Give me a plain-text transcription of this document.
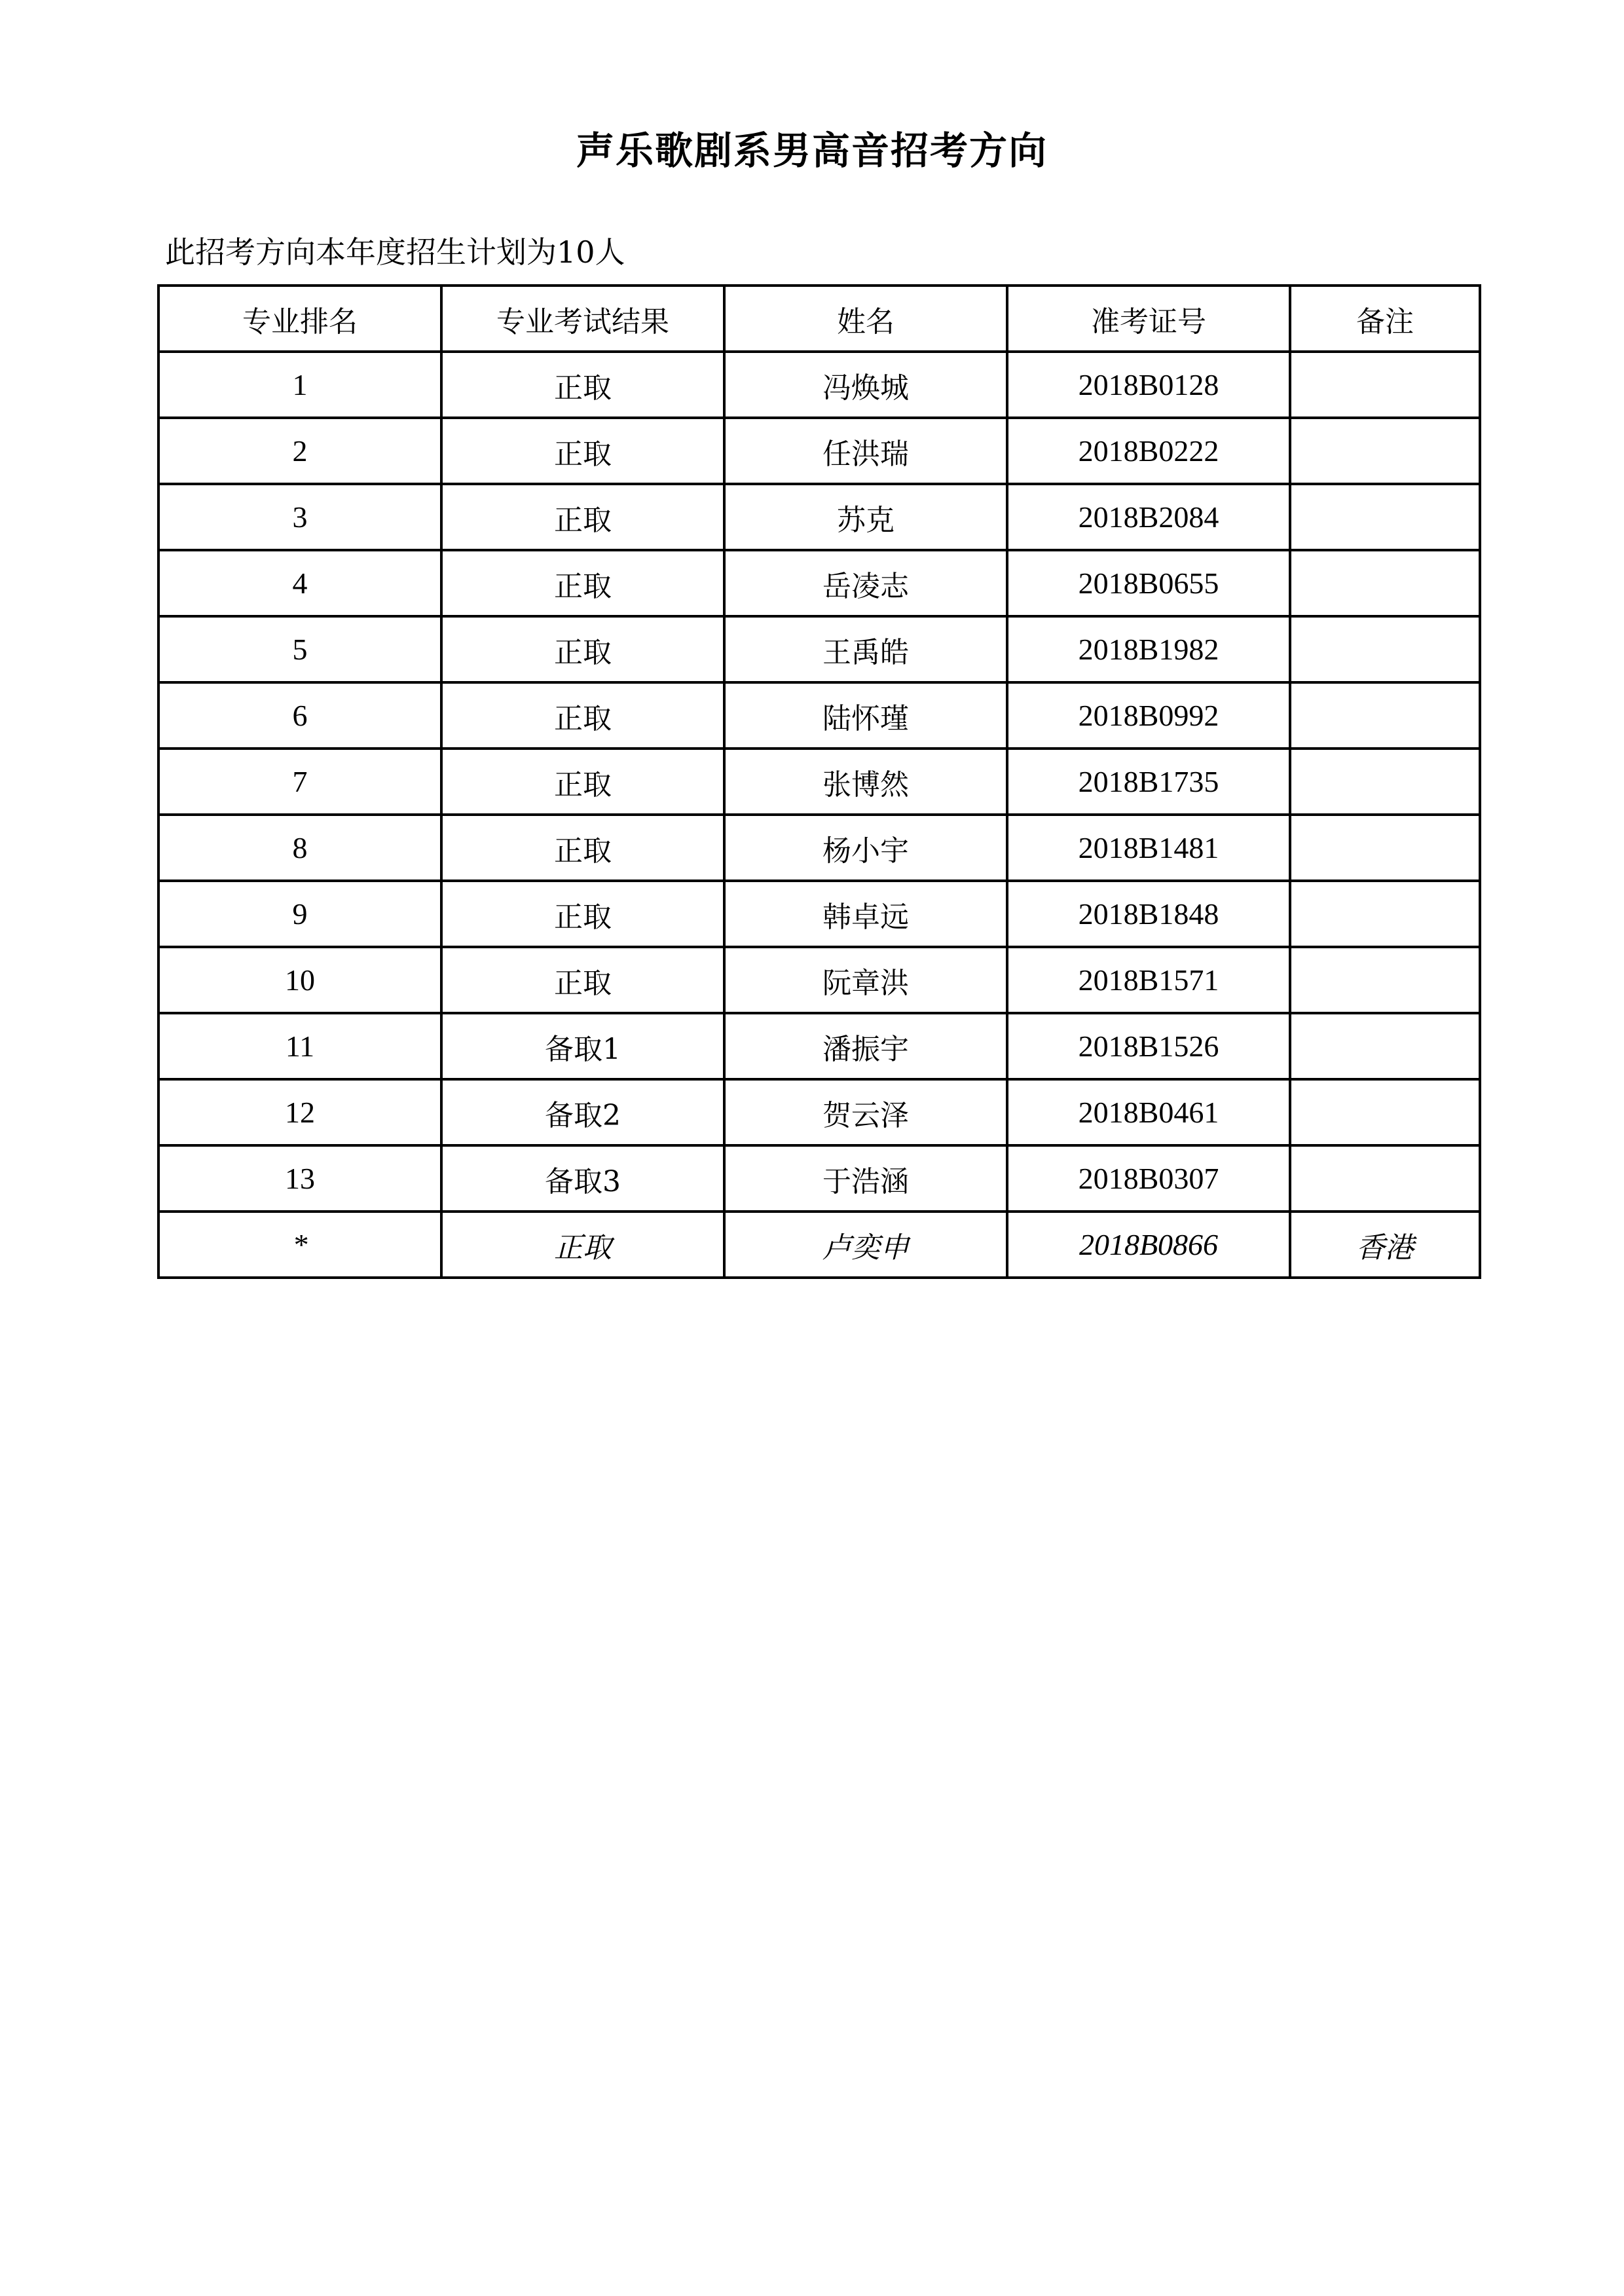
声乐歌剧系男高音招考方向
此招考方向本年度招生计划为10人
专业排名	专业考试结果	姓名	准考证号	备注
1	正取	冯焕城	2018B0128	
2	正取	任洪瑞	2018B0222	
3	正取	苏克	2018B2084	
4	正取	岳凌志	2018B0655	
5	正取	王禹皓	2018B1982	
6	正取	陆怀瑾	2018B0992	
7	正取	张博然	2018B1735	
8	正取	杨小宇	2018B1481	
9	正取	韩卓远	2018B1848	
10	正取	阮章洪	2018B1571	
11	备取1	潘振宇	2018B1526	
12	备取2	贺云泽	2018B0461	
13	备取3	于浩涵	2018B0307	
*	正取	卢奕申	2018B0866	香港
